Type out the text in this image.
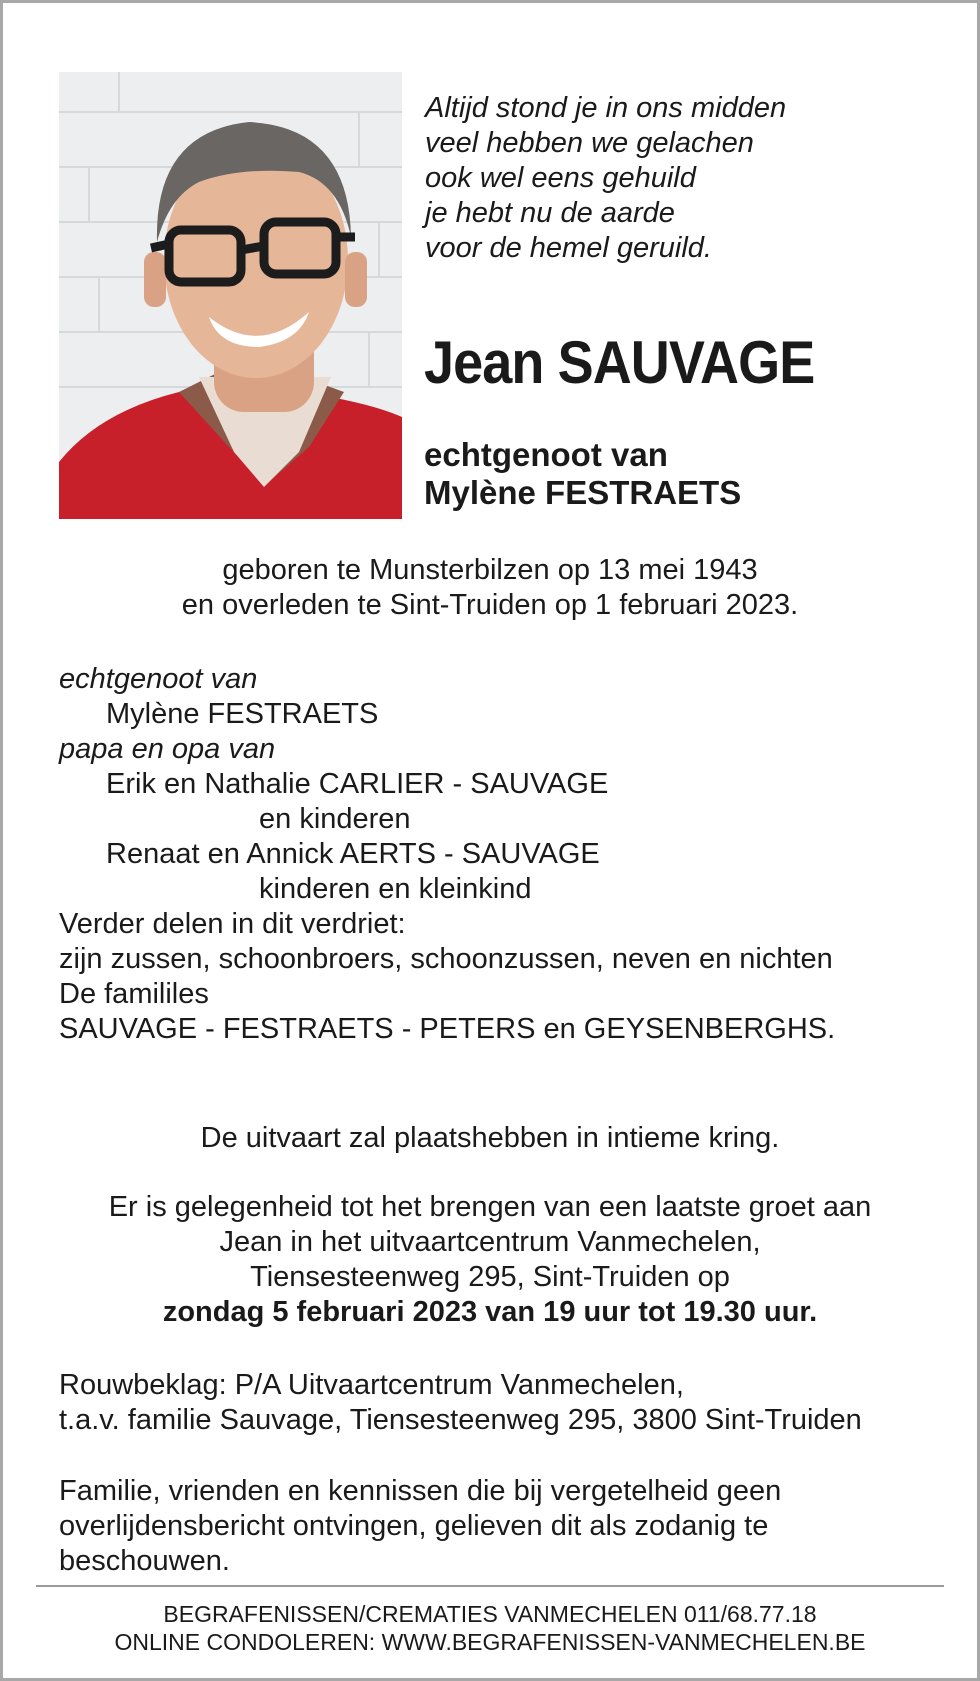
Altijd stond je in ons midden
veel hebben we gelachen
ook wel eens gehuild
je hebt nu de aarde
voor de hemel geruild.
Jean SAUVAGE
echtgenoot van
Mylène FESTRAETS
geboren te Munsterbilzen op 13 mei 1943
en overleden te Sint-Truiden op 1 februari 2023.
echtgenoot van
Mylène FESTRAETS
papa en opa van
Erik en Nathalie CARLIER - SAUVAGE
en kinderen
Renaat en Annick AERTS - SAUVAGE
kinderen en kleinkind
Verder delen in dit verdriet:
zijn zussen, schoonbroers, schoonzussen, neven en nichten
De famililes
SAUVAGE - FESTRAETS - PETERS en GEYSENBERGHS.
De uitvaart zal plaatshebben in intieme kring.
Er is gelegenheid tot het brengen van een laatste groet aan
Jean in het uitvaartcentrum Vanmechelen,
Tiensesteenweg 295, Sint-Truiden op
zondag 5 februari 2023 van 19 uur tot 19.30 uur.
Rouwbeklag: P/A Uitvaartcentrum Vanmechelen,
t.a.v. familie Sauvage, Tiensesteenweg 295, 3800 Sint-Truiden
Familie, vrienden en kennissen die bij vergetelheid geen
overlijdensbericht ontvingen, gelieven dit als zodanig te
beschouwen.
BEGRAFENISSEN/CREMATIES VANMECHELEN 011/68.77.18
ONLINE CONDOLEREN: WWW.BEGRAFENISSEN-VANMECHELEN.BE
